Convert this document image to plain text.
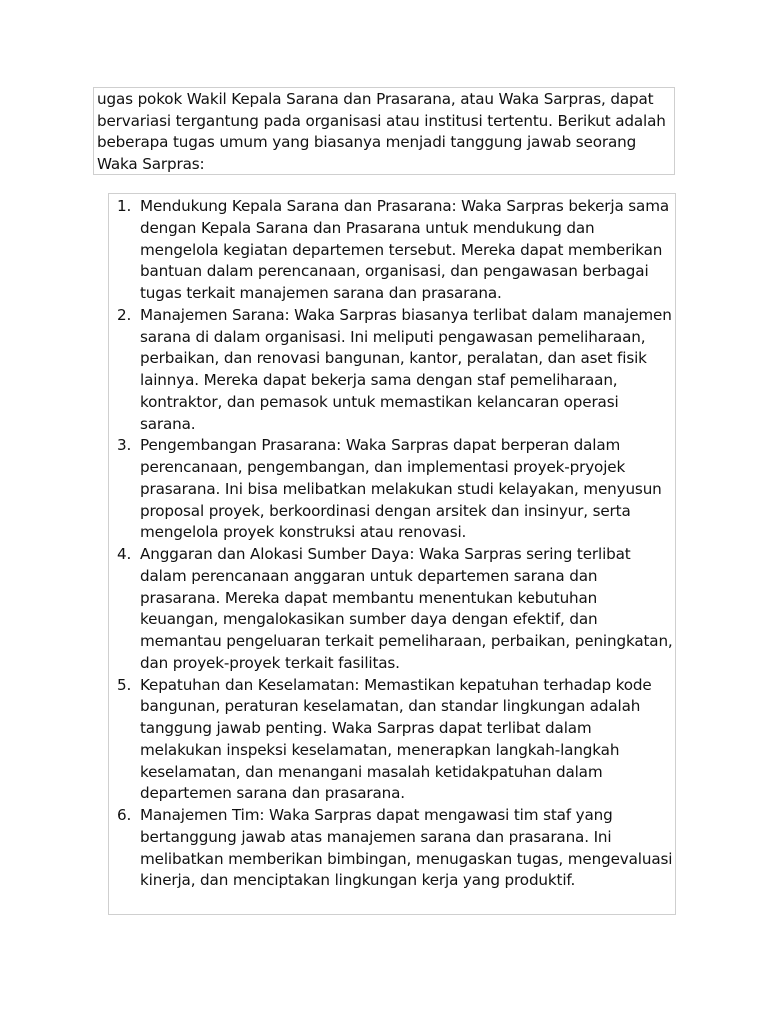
ugas pokok Wakil Kepala Sarana dan Prasarana, atau Waka Sarpras, dapat bervariasi tergantung pada organisasi atau institusi tertentu. Berikut adalah beberapa tugas umum yang biasanya menjadi tanggung jawab seorang Waka Sarpras:
1. Mendukung Kepala Sarana dan Prasarana: Waka Sarpras bekerja sama dengan Kepala Sarana dan Prasarana untuk mendukung dan mengelola kegiatan departemen tersebut. Mereka dapat memberikan bantuan dalam perencanaan, organisasi, dan pengawasan berbagai tugas terkait manajemen sarana dan prasarana.
2. Manajemen Sarana: Waka Sarpras biasanya terlibat dalam manajemen sarana di dalam organisasi. Ini meliputi pengawasan pemeliharaan, perbaikan, dan renovasi bangunan, kantor, peralatan, dan aset fisik lainnya. Mereka dapat bekerja sama dengan staf pemeliharaan, kontraktor, dan pemasok untuk memastikan kelancaran operasi sarana.
3. Pengembangan Prasarana: Waka Sarpras dapat berperan dalam perencanaan, pengembangan, dan implementasi proyek-pryojek prasarana. Ini bisa melibatkan melakukan studi kelayakan, menyusun proposal proyek, berkoordinasi dengan arsitek dan insinyur, serta mengelola proyek konstruksi atau renovasi.
4. Anggaran dan Alokasi Sumber Daya: Waka Sarpras sering terlibat dalam perencanaan anggaran untuk departemen sarana dan prasarana. Mereka dapat membantu menentukan kebutuhan keuangan, mengalokasikan sumber daya dengan efektif, dan memantau pengeluaran terkait pemeliharaan, perbaikan, peningkatan, dan proyek-proyek terkait fasilitas.
5. Kepatuhan dan Keselamatan: Memastikan kepatuhan terhadap kode bangunan, peraturan keselamatan, dan standar lingkungan adalah tanggung jawab penting. Waka Sarpras dapat terlibat dalam melakukan inspeksi keselamatan, menerapkan langkah-langkah keselamatan, dan menangani masalah ketidakpatuhan dalam departemen sarana dan prasarana.
6. Manajemen Tim: Waka Sarpras dapat mengawasi tim staf yang bertanggung jawab atas manajemen sarana dan prasarana. Ini melibatkan memberikan bimbingan, menugaskan tugas, mengevaluasi kinerja, dan menciptakan lingkungan kerja yang produktif.
